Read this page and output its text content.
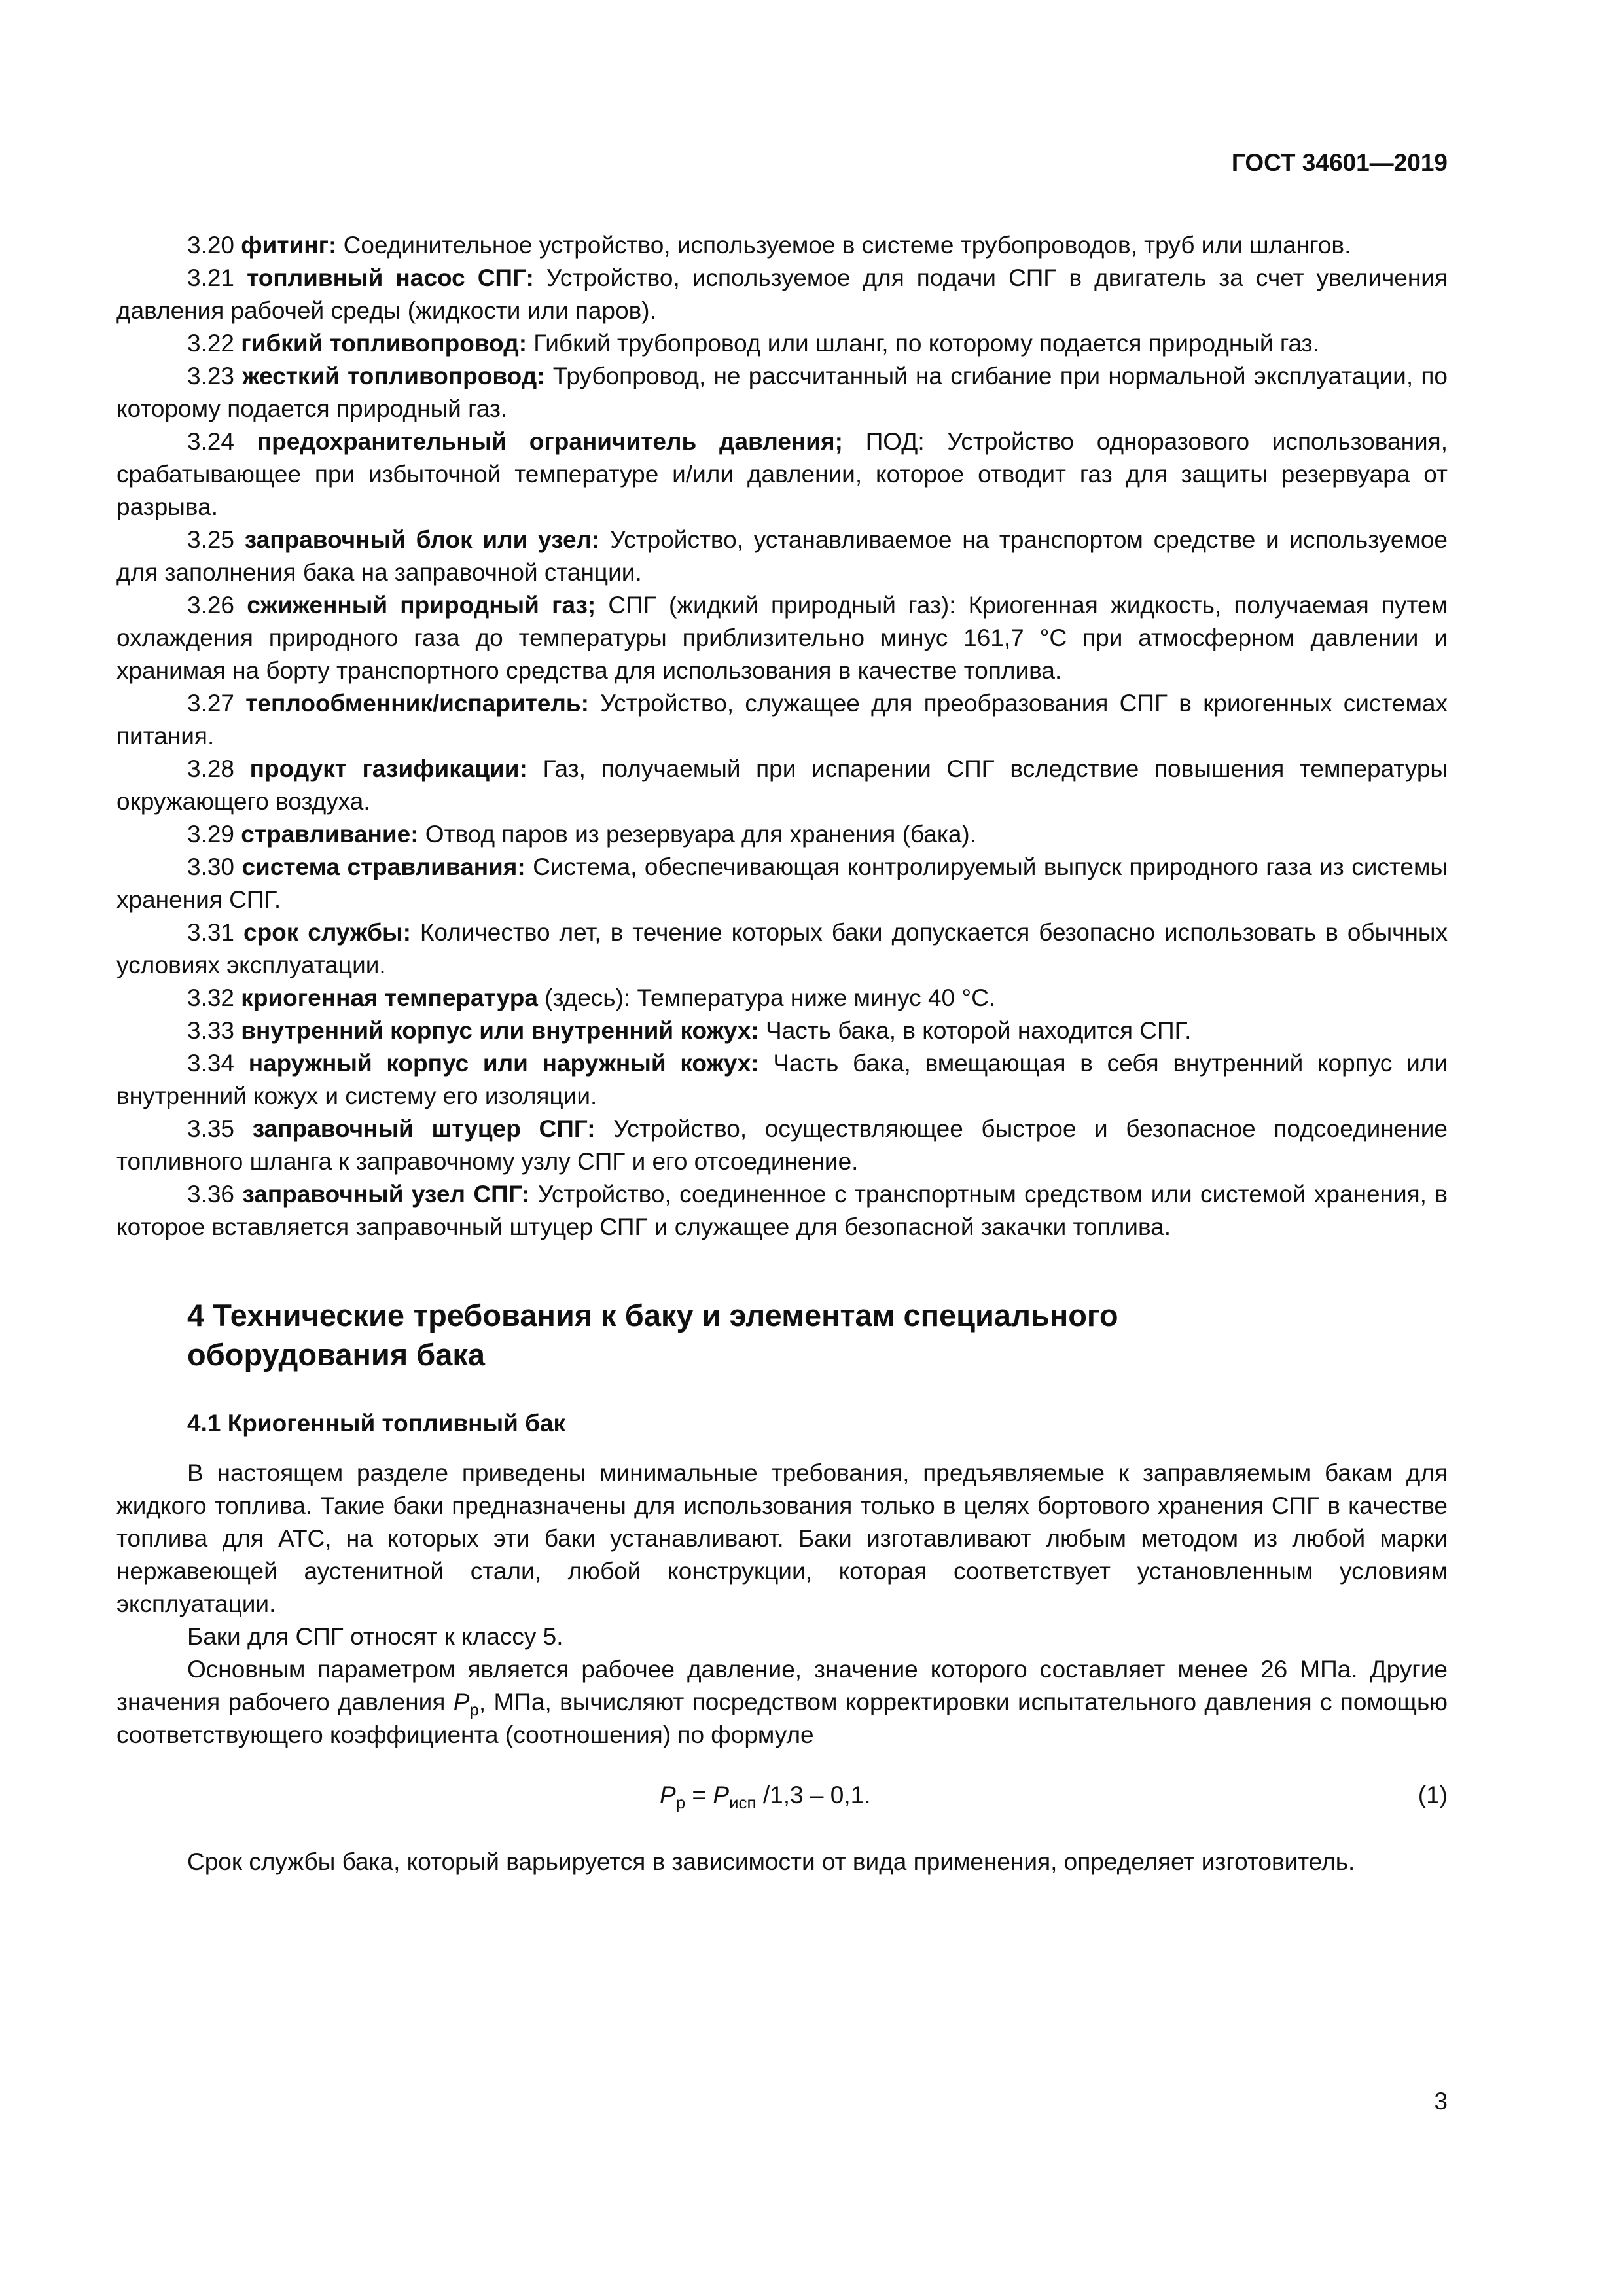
ГОСТ 34601—2019

3.20 фитинг: Соединительное устройство, используемое в системе трубопроводов, труб или шлангов.

3.21 топливный насос СПГ: Устройство, используемое для подачи СПГ в двигатель за счет увеличения давления рабочей среды (жидкости или паров).

3.22 гибкий топливопровод: Гибкий трубопровод или шланг, по которому подается природный газ.

3.23 жесткий топливопровод: Трубопровод, не рассчитанный на сгибание при нормальной эксплуатации, по которому подается природный газ.

3.24 предохранительный ограничитель давления; ПОД: Устройство одноразового использования, срабатывающее при избыточной температуре и/или давлении, которое отводит газ для защиты резервуара от разрыва.

3.25 заправочный блок или узел: Устройство, устанавливаемое на транспортом средстве и используемое для заполнения бака на заправочной станции.

3.26 сжиженный природный газ; СПГ (жидкий природный газ): Криогенная жидкость, получаемая путем охлаждения природного газа до температуры приблизительно минус 161,7 °С при атмосферном давлении и хранимая на борту транспортного средства для использования в качестве топлива.

3.27 теплообменник/испаритель: Устройство, служащее для преобразования СПГ в криогенных системах питания.

3.28 продукт газификации: Газ, получаемый при испарении СПГ вследствие повышения температуры окружающего воздуха.

3.29 стравливание: Отвод паров из резервуара для хранения (бака).

3.30 система стравливания: Система, обеспечивающая контролируемый выпуск природного газа из системы хранения СПГ.

3.31 срок службы: Количество лет, в течение которых баки допускается безопасно использовать в обычных условиях эксплуатации.

3.32 криогенная температура (здесь): Температура ниже минус 40 °С.

3.33 внутренний корпус или внутренний кожух: Часть бака, в которой находится СПГ.

3.34 наружный корпус или наружный кожух: Часть бака, вмещающая в себя внутренний корпус или внутренний кожух и систему его изоляции.

3.35 заправочный штуцер СПГ: Устройство, осуществляющее быстрое и безопасное подсоединение топливного шланга к заправочному узлу СПГ и его отсоединение.

3.36 заправочный узел СПГ: Устройство, соединенное с транспортным средством или системой хранения, в которое вставляется заправочный штуцер СПГ и служащее для безопасной закачки топлива.

4 Технические требования к баку и элементам специального оборудования бака
4.1 Криогенный топливный бак

В настоящем разделе приведены минимальные требования, предъявляемые к заправляемым бакам для жидкого топлива. Такие баки предназначены для использования только в целях бортового хранения СПГ в качестве топлива для АТС, на которых эти баки устанавливают. Баки изготавливают любым методом из любой марки нержавеющей аустенитной стали, любой конструкции, которая соответствует установленным условиям эксплуатации.

Баки для СПГ относят к классу 5.

Основным параметром является рабочее давление, значение которого составляет менее 26 МПа. Другие значения рабочего давления $P_р$, МПа, вычисляют посредством корректировки испытательного давления с помощью соответствующего коэффициента (соотношения) по формуле

$P_р = P_{исп}$ /1,3 – 0,1.	(1)

Срок службы бака, который варьируется в зависимости от вида применения, определяет изготовитель.

3
